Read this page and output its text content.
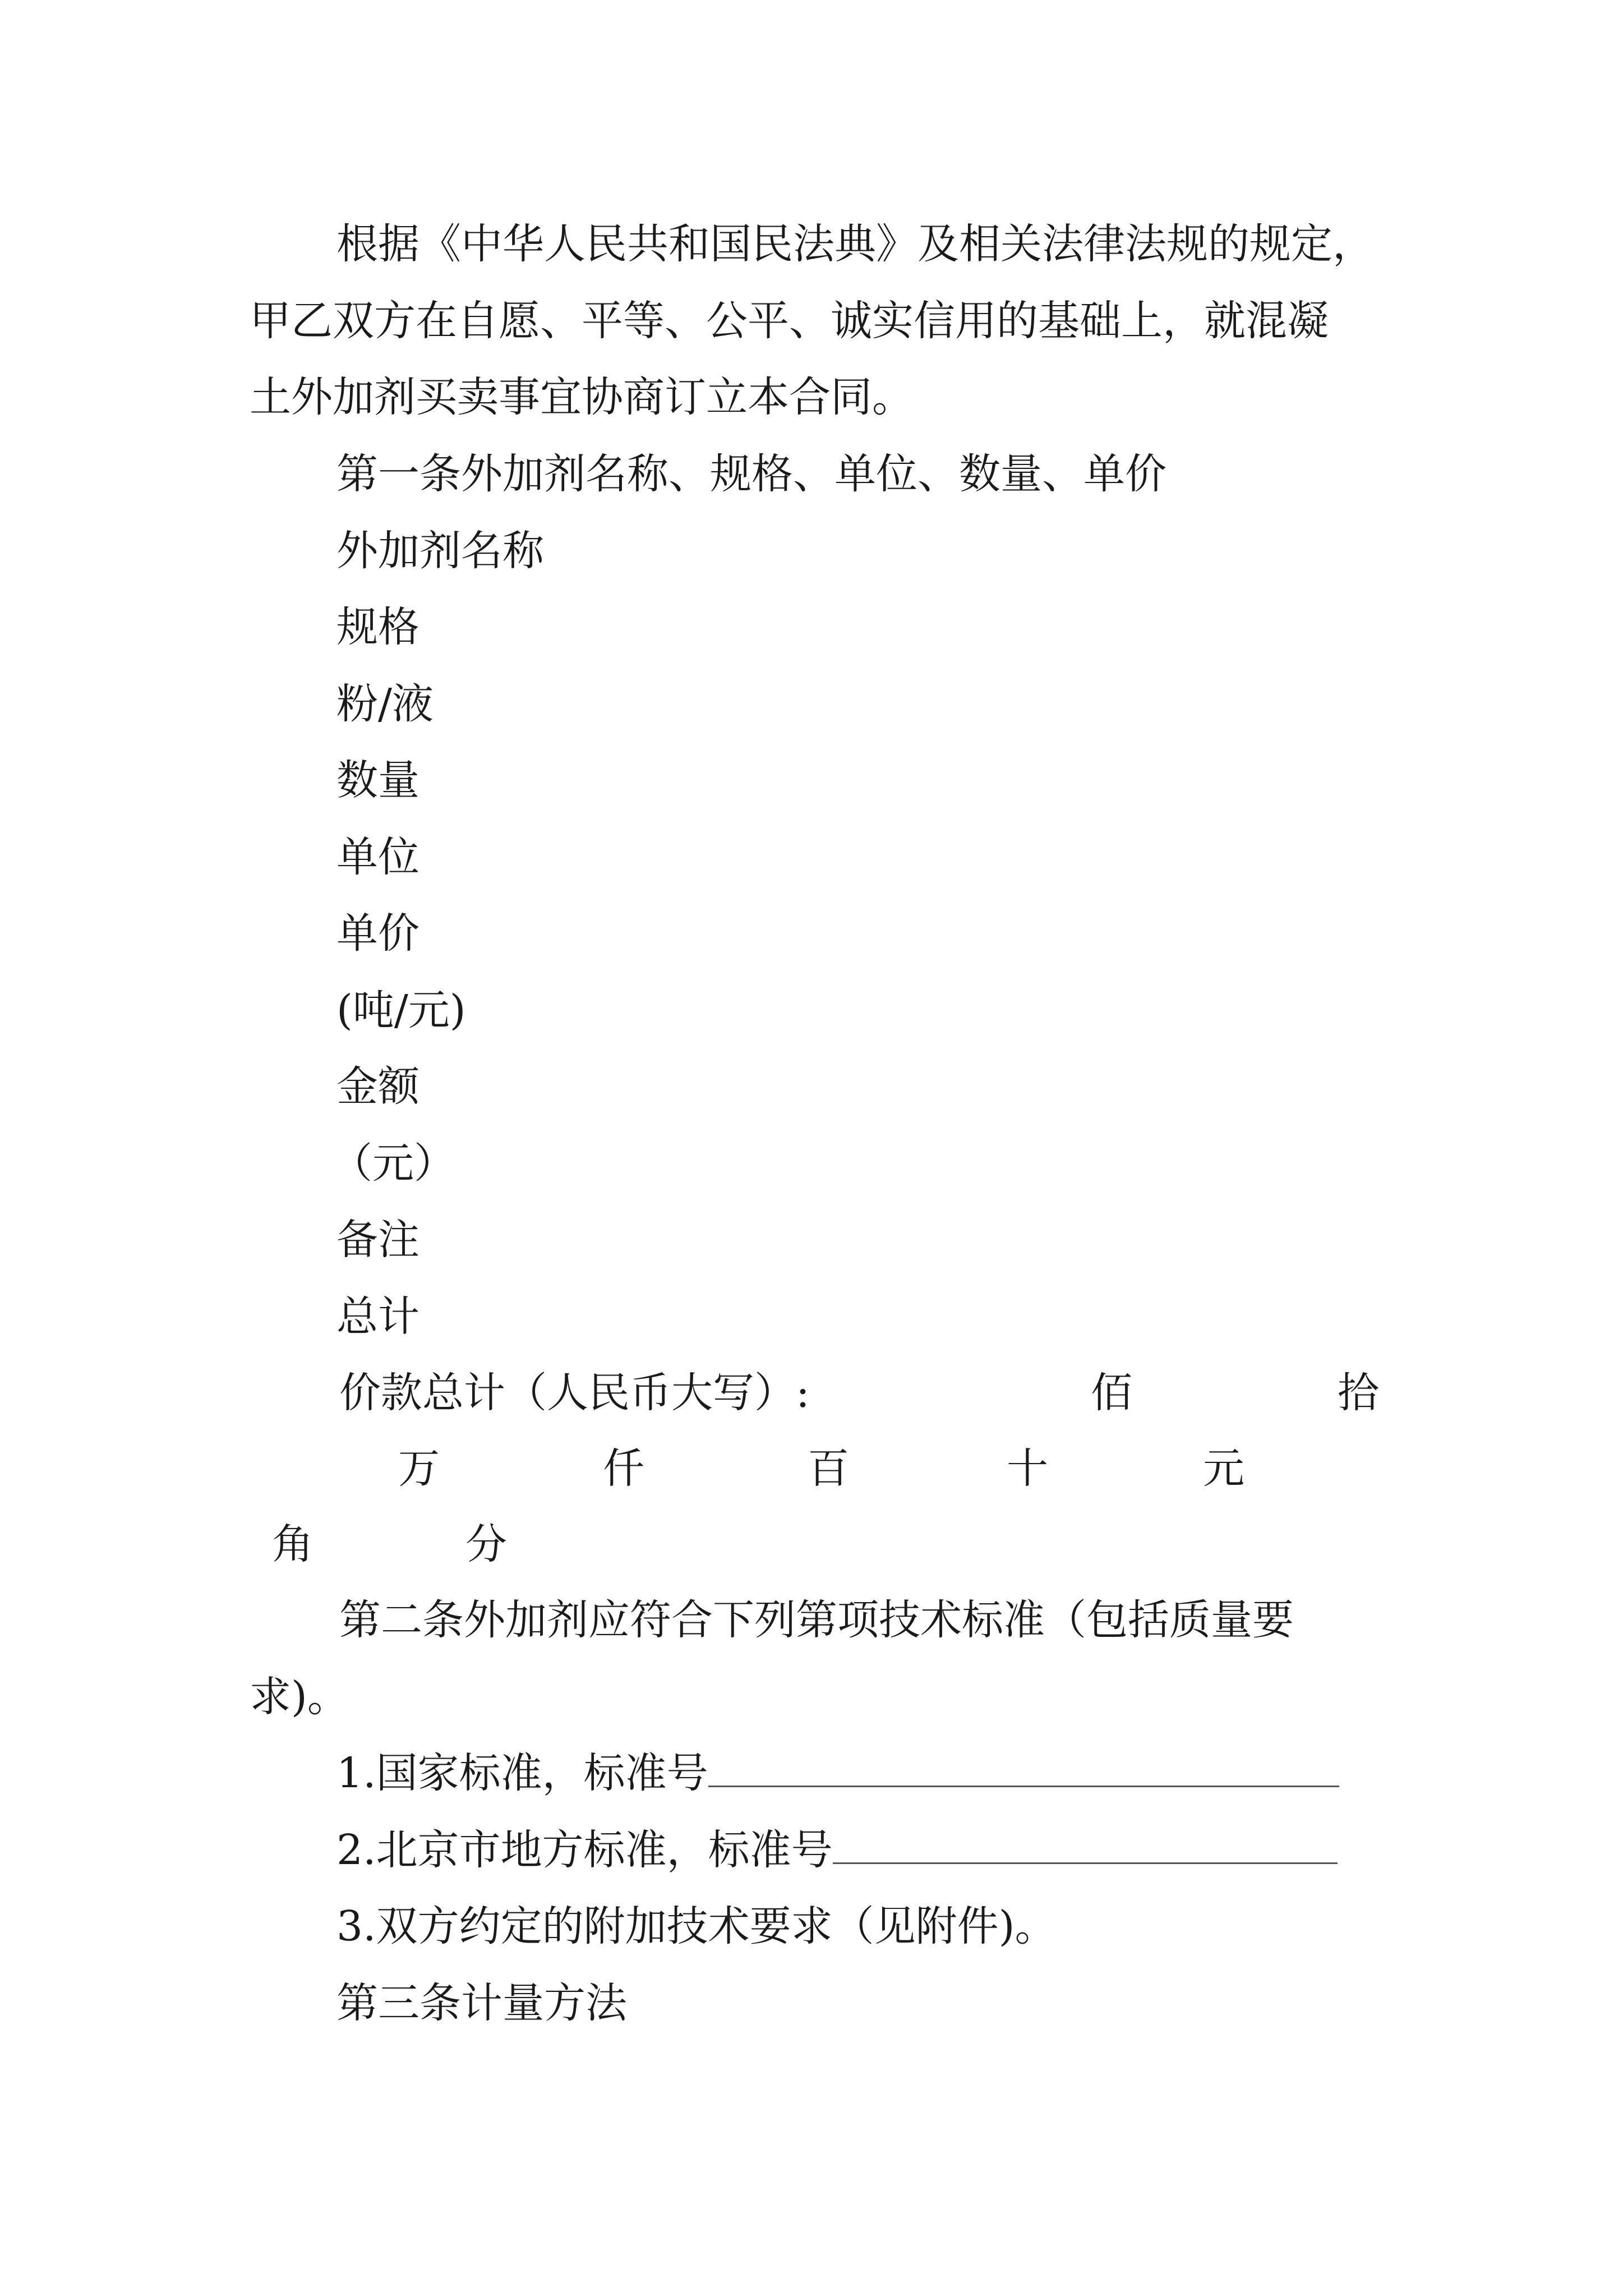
根据《中华人民共和国民法典》及相关法律法规的规定，
甲乙双方在自愿、平等、公平、诚实信用的基础上，就混凝
土外加剂买卖事宜协商订立本合同。
第一条外加剂名称、规格、单位、数量、单价
外加剂名称
规格
粉/液
数量
单位
单价
(吨/元)
金额
（元）
备注
总计
价款总计（人民币大写）:	佰	拾
万	仟	百	十	元
角	分
第二条外加剂应符合下列第项技术标准（包括质量要
求)。
1.国家标准，标准号
2.北京市地方标准，标准号
3.双方约定的附加技术要求（见附件)。
第三条计量方法
